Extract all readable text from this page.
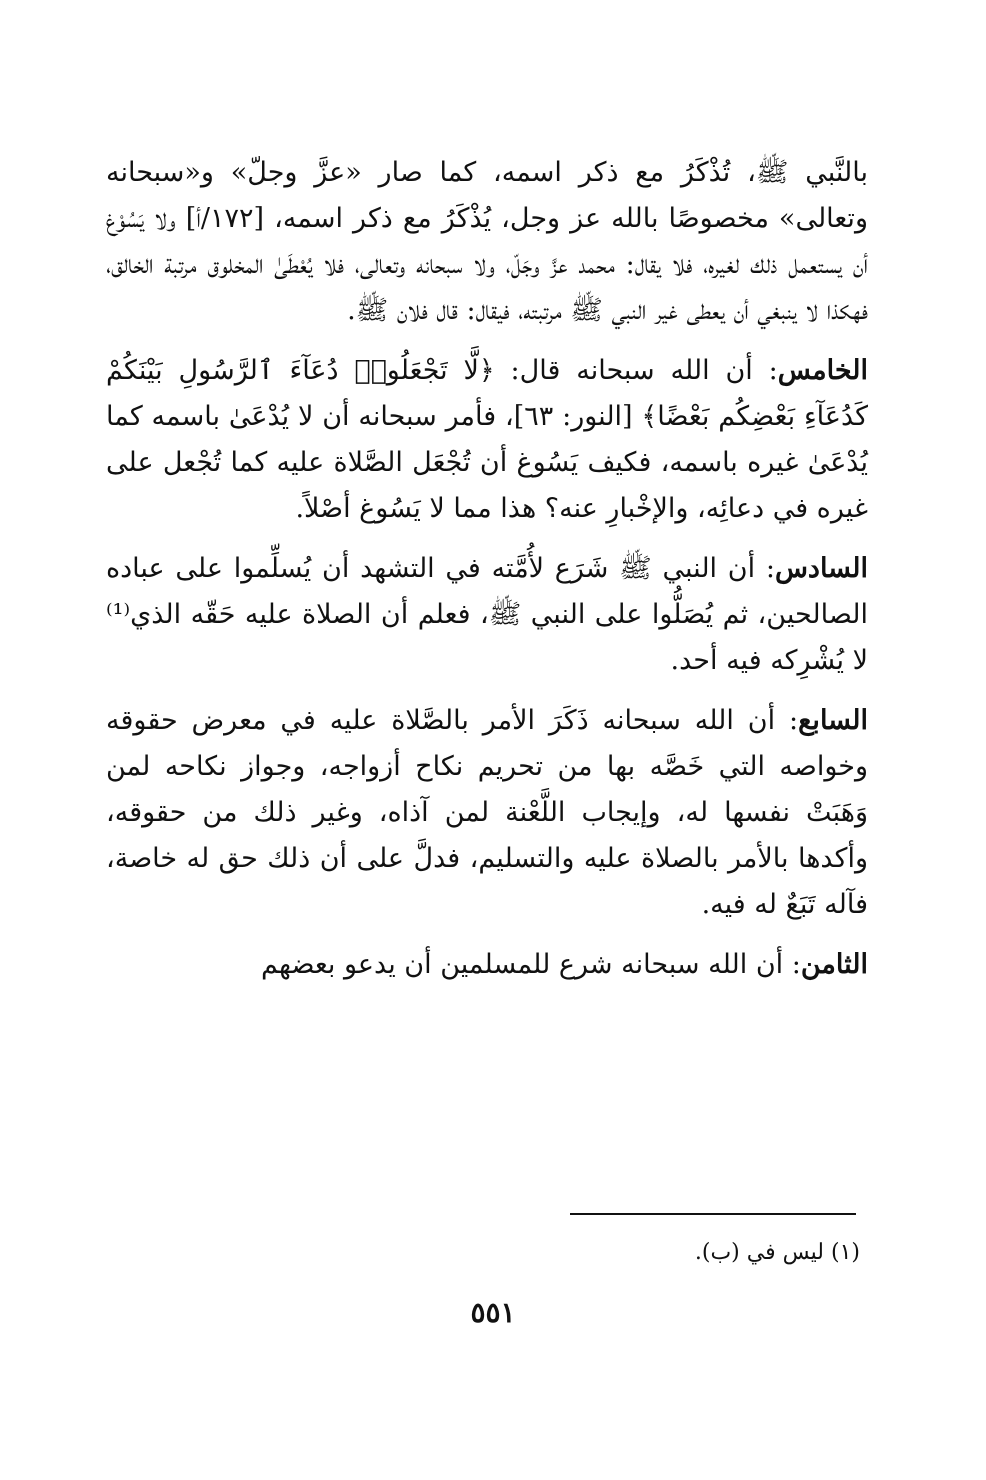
بالنَّبي ﷺ، تُذْكَرُ مع ذكر اسمه، كما صار «عزَّ وجلّ» و«سبحانه وتعالى» مخصوصًا بالله عز وجل، يُذْكَرُ مع ذكر اسمه، [١٧٢/أ] ولا يَسُوْغ أن يستعمل ذلك لغيره، فلا يقال: محمد عزَّ وجَلّ، ولا سبحانه وتعالى، فلا يُعْطَىٰ المخلوق مرتبة الخالق، فهكذا لا ينبغي أن يعطى غير النبي ﷺ مرتبته، فيقال: قال فلان ﷺ.

الخامس: أن الله سبحانه قال: ﴿لَّا تَجْعَلُوا۟ دُعَآءَ ٱلرَّسُولِ بَيْنَكُمْ كَدُعَآءِ بَعْضِكُم بَعْضًا﴾ [النور: ٦٣]، فأمر سبحانه أن لا يُدْعَىٰ باسمه كما يُدْعَىٰ غيره باسمه، فكيف يَسُوغ أن تُجْعَل الصَّلاة عليه كما تُجْعل على غيره في دعائِه، والإخْبارِ عنه؟ هذا مما لا يَسُوغ أصْلاً.

السادس: أن النبي ﷺ شَرَع لأُمَّته في التشهد أن يُسلِّموا على عباده الصالحين، ثم يُصَلُّوا على النبي ﷺ، فعلم أن الصلاة عليه حَقّه الذي⁽¹⁾ لا يُشْرِكه فيه أحد.

السابع: أن الله سبحانه ذَكَرَ الأمر بالصَّلاة عليه في معرض حقوقه وخواصه التي خَصَّه بها من تحريم نكاح أزواجه، وجواز نكاحه لمن وَهَبَتْ نفسها له، وإيجاب اللَّعْنة لمن آذاه، وغير ذلك من حقوقه، وأكدها بالأمر بالصلاة عليه والتسليم، فدلَّ على أن ذلك حق له خاصة، فآله تَبَعٌ له فيه.

الثامن: أن الله سبحانه شرع للمسلمين أن يدعو بعضهم

(١) ليس في (ب).
٥٥١
